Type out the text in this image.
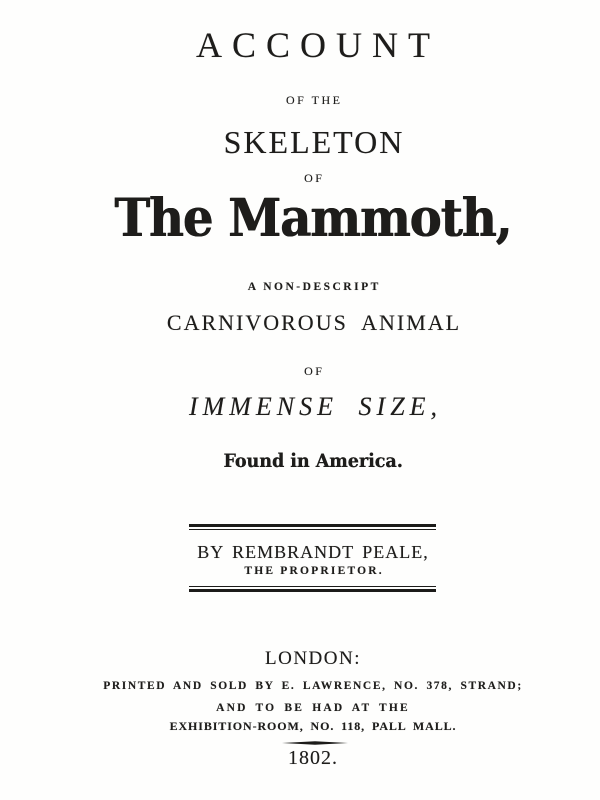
ACCOUNT
OF THE
SKELETON
OF
The Mammoth,
A NON-DESCRIPT
CARNIVOROUS ANIMAL
OF
IMMENSE SIZE,
Found in America.
BY REMBRANDT PEALE,
THE PROPRIETOR.
LONDON:
PRINTED AND SOLD BY E. LAWRENCE, NO. 378, STRAND;
AND TO BE HAD AT THE
EXHIBITION-ROOM, NO. 118, PALL MALL.
1802.
